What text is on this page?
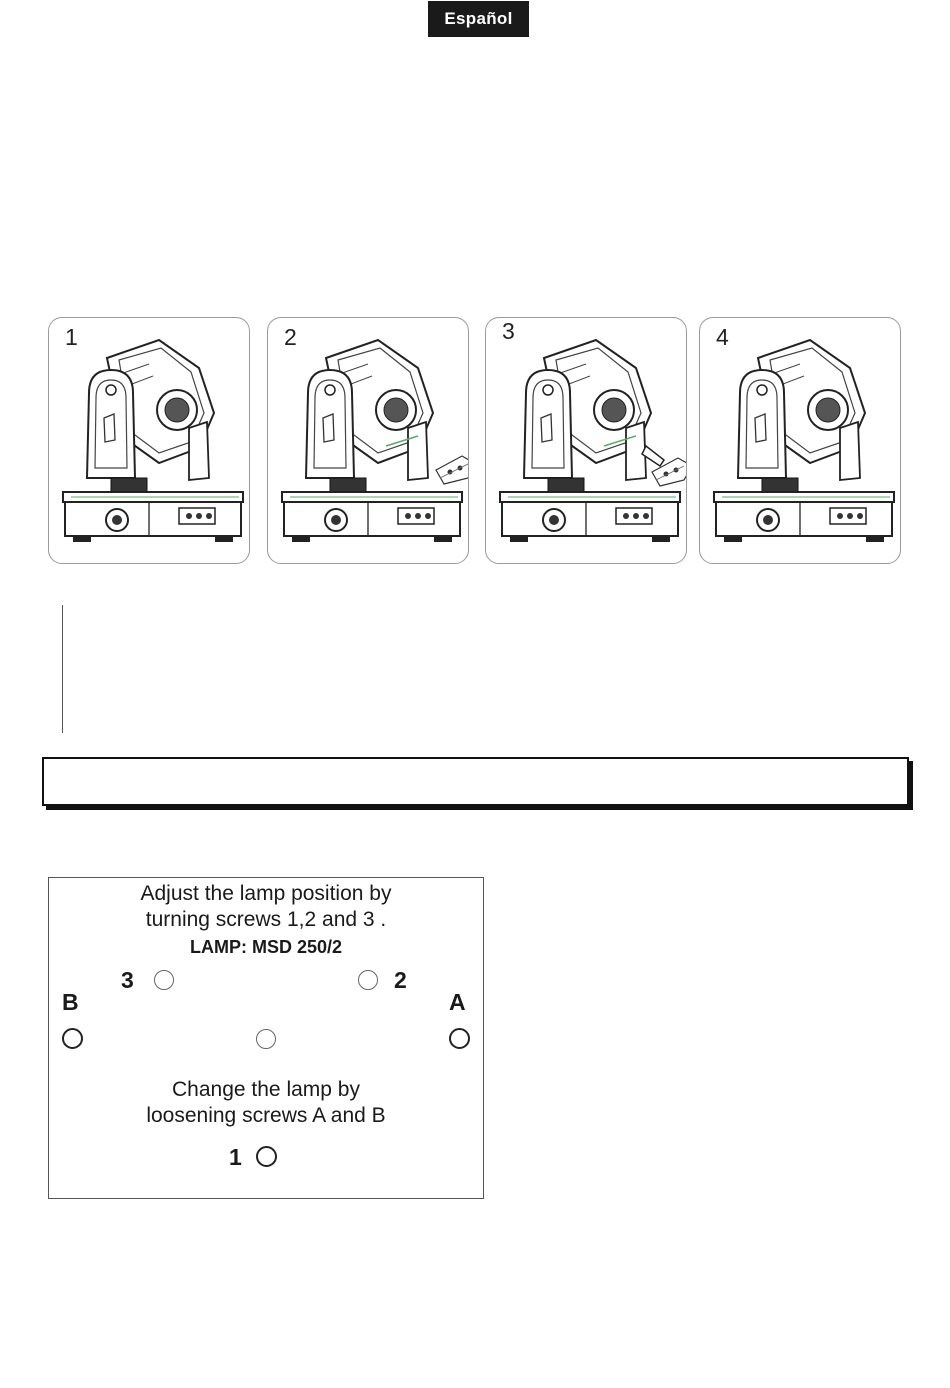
Español
1	2	3	4
Adjust the lamp position by
turning screws 1,2 and 3 .
LAMP: MSD 250/2
3	2
B	A
Change the lamp by
loosening screws A and B
1
